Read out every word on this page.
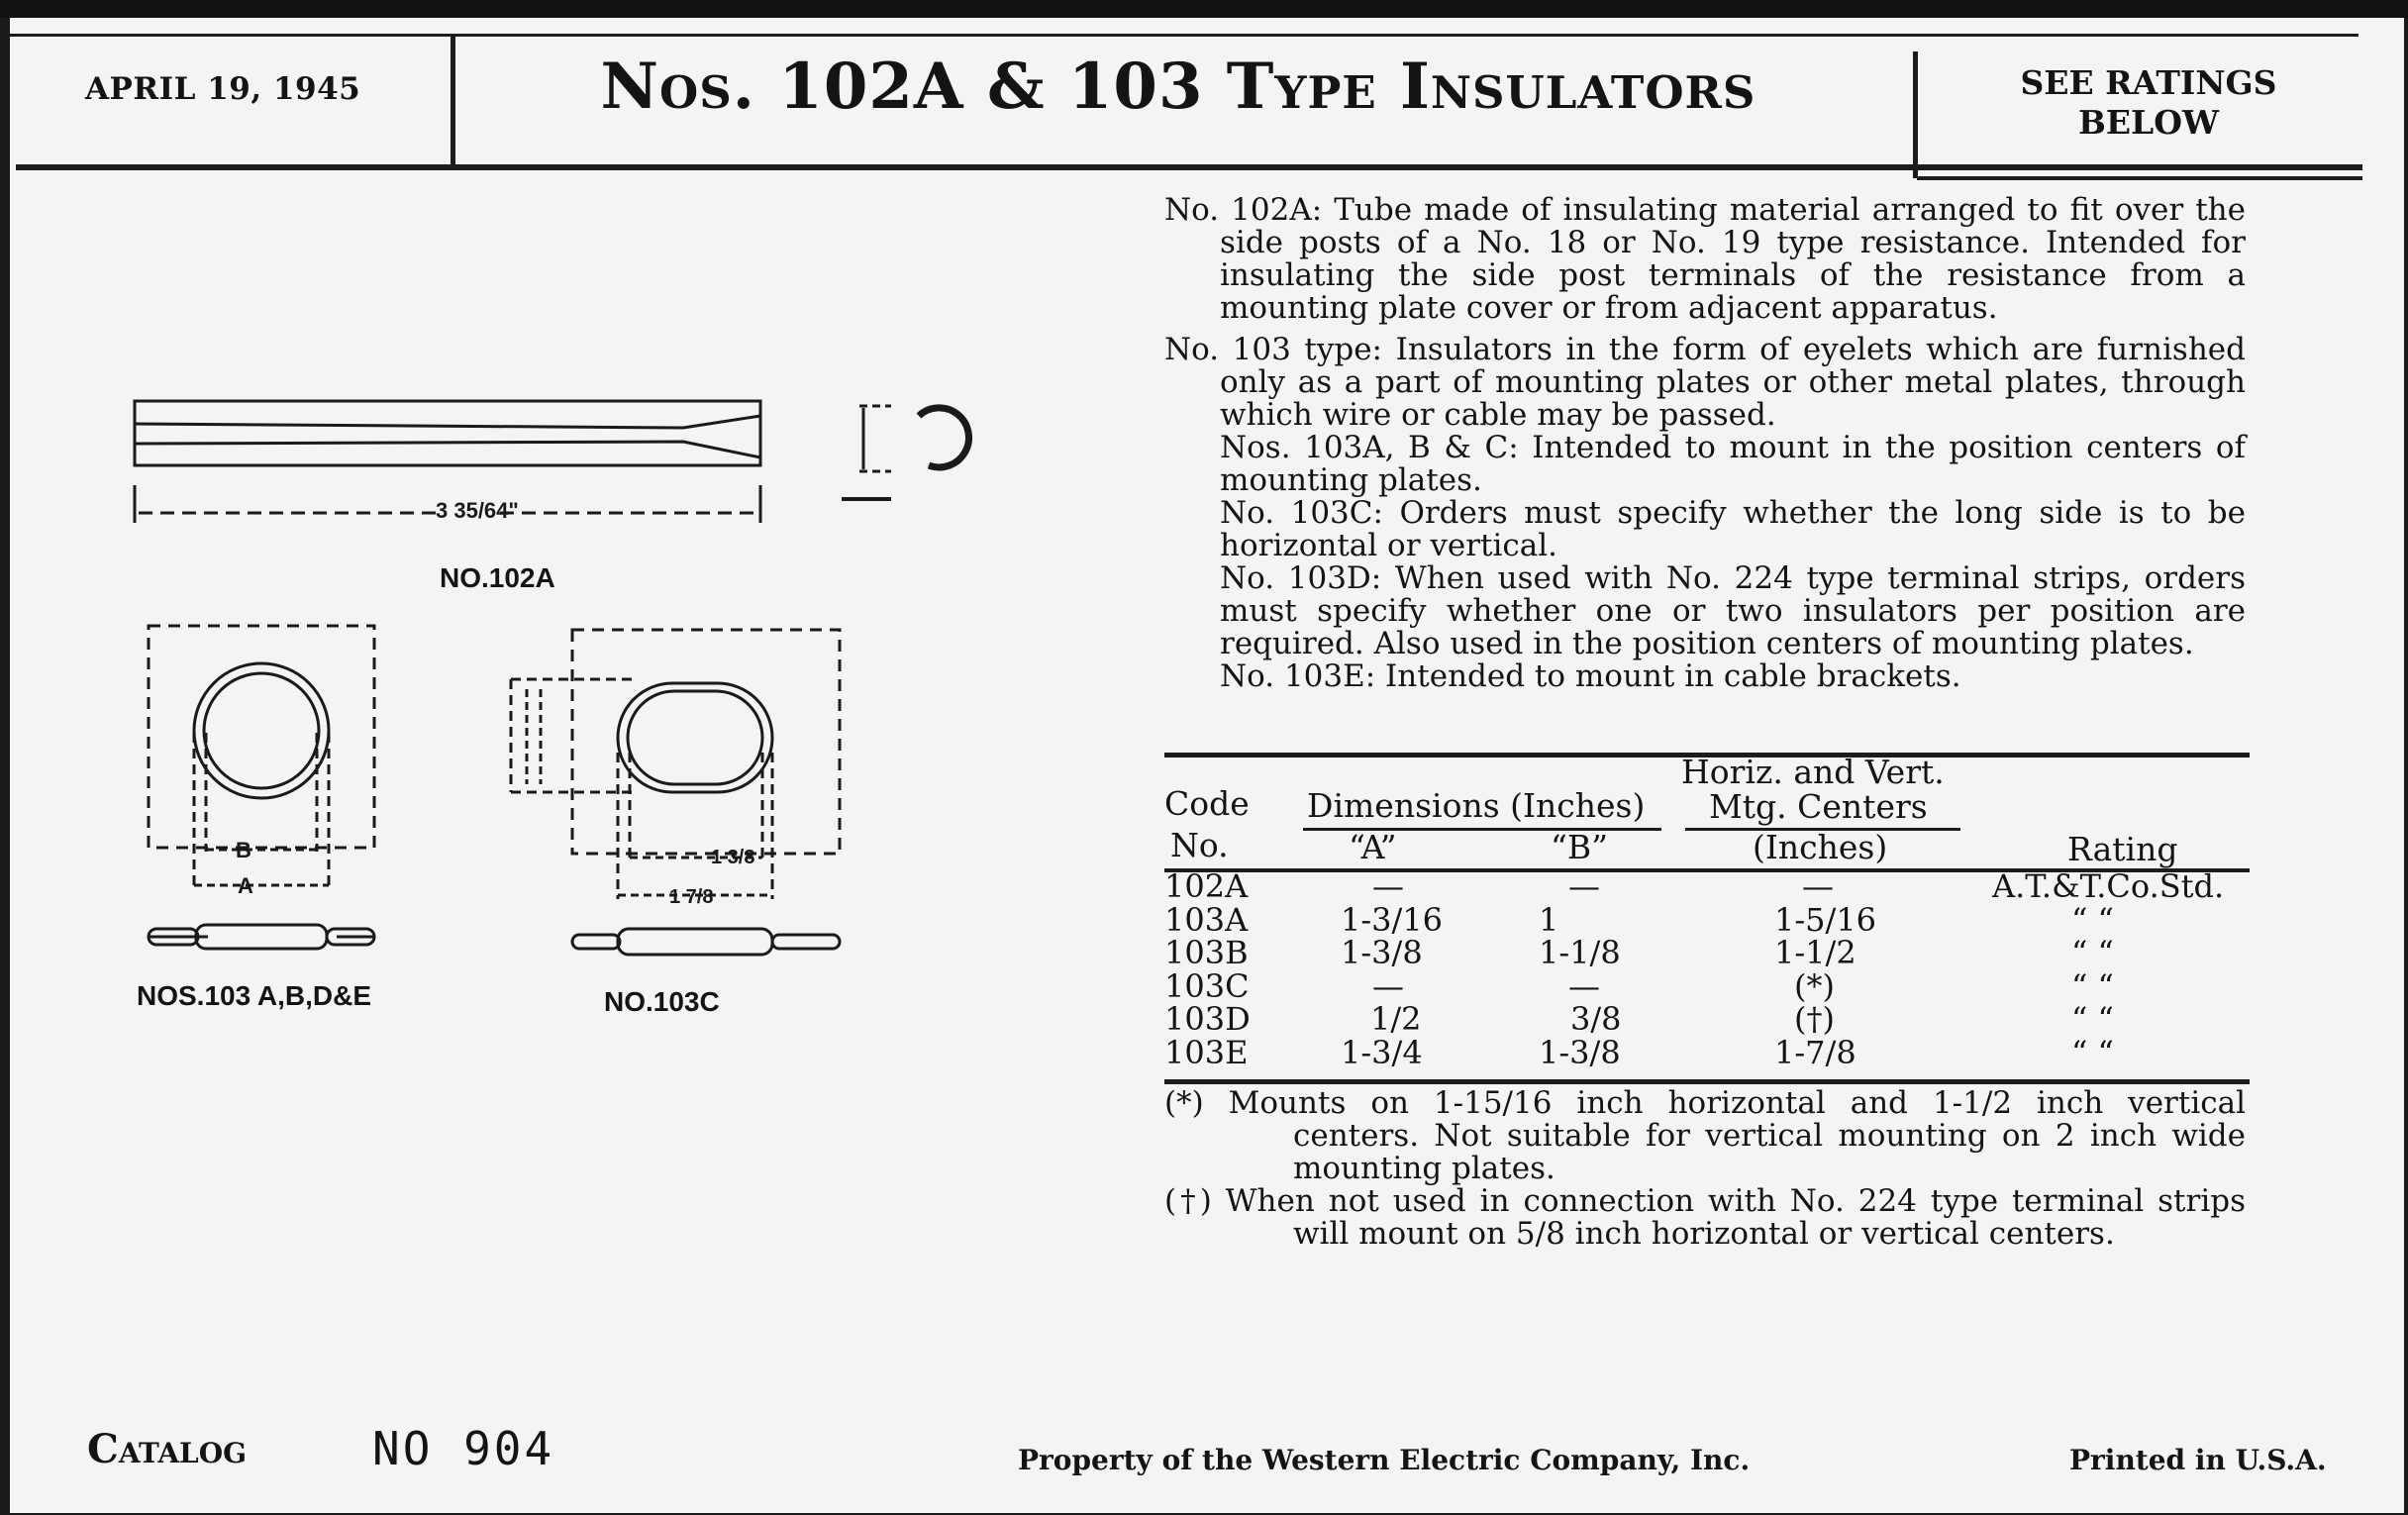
APRIL 19, 1945	Nos. 102A & 103 Type Insulators	SEE RATINGS
BELOW
3 35/64"
B
A
1 3/8
1 7/8
NO.102A
NOS.103 A,B,D&E	NO.103C

No. 102A: Tube made of insulating material arranged to fit over the side posts of a No. 18 or No. 19 type resistance. Intended for insulating the side post terminals of the resistance from a mounting plate cover or from adjacent apparatus.

No. 103 type: Insulators in the form of eyelets which are furnished only as a part of mounting plates or other metal plates, through which wire or cable may be passed.

Nos. 103A, B & C: Intended to mount in the position centers of mounting plates.

No. 103C: Orders must specify whether the long side is to be horizontal or vertical.

No. 103D: When used with No. 224 type terminal strips, orders must specify whether one or two insulators per position are required. Also used in the position centers of mounting plates.

No. 103E: Intended to mount in cable brackets.

Code
No.
Dimensions (Inches)
“A”	“B”
Horiz. and Vert.
Mtg. Centers
(Inches)	Rating
102A	—	—	—	A.T.&T.Co.Std.
103A	1-3/16	1	1-5/16	“ “
103B	1-3/8	1-1/8	1-1/2	“ “
103C	—	—	(*)	“ “
103D	1/2	3/8	(†)	“ “
103E	1-3/4	1-3/8	1-7/8	“ “

(*) Mounts on 1-15/16 inch horizontal and 1-1/2 inch vertical centers. Not suitable for vertical mounting on 2 inch wide mounting plates.

(†) When not used in connection with No. 224 type terminal strips will mount on 5/8 inch horizontal or vertical centers.

Catalog	NO 904	Property of the Western Electric Company, Inc.	Printed in U.S.A.
